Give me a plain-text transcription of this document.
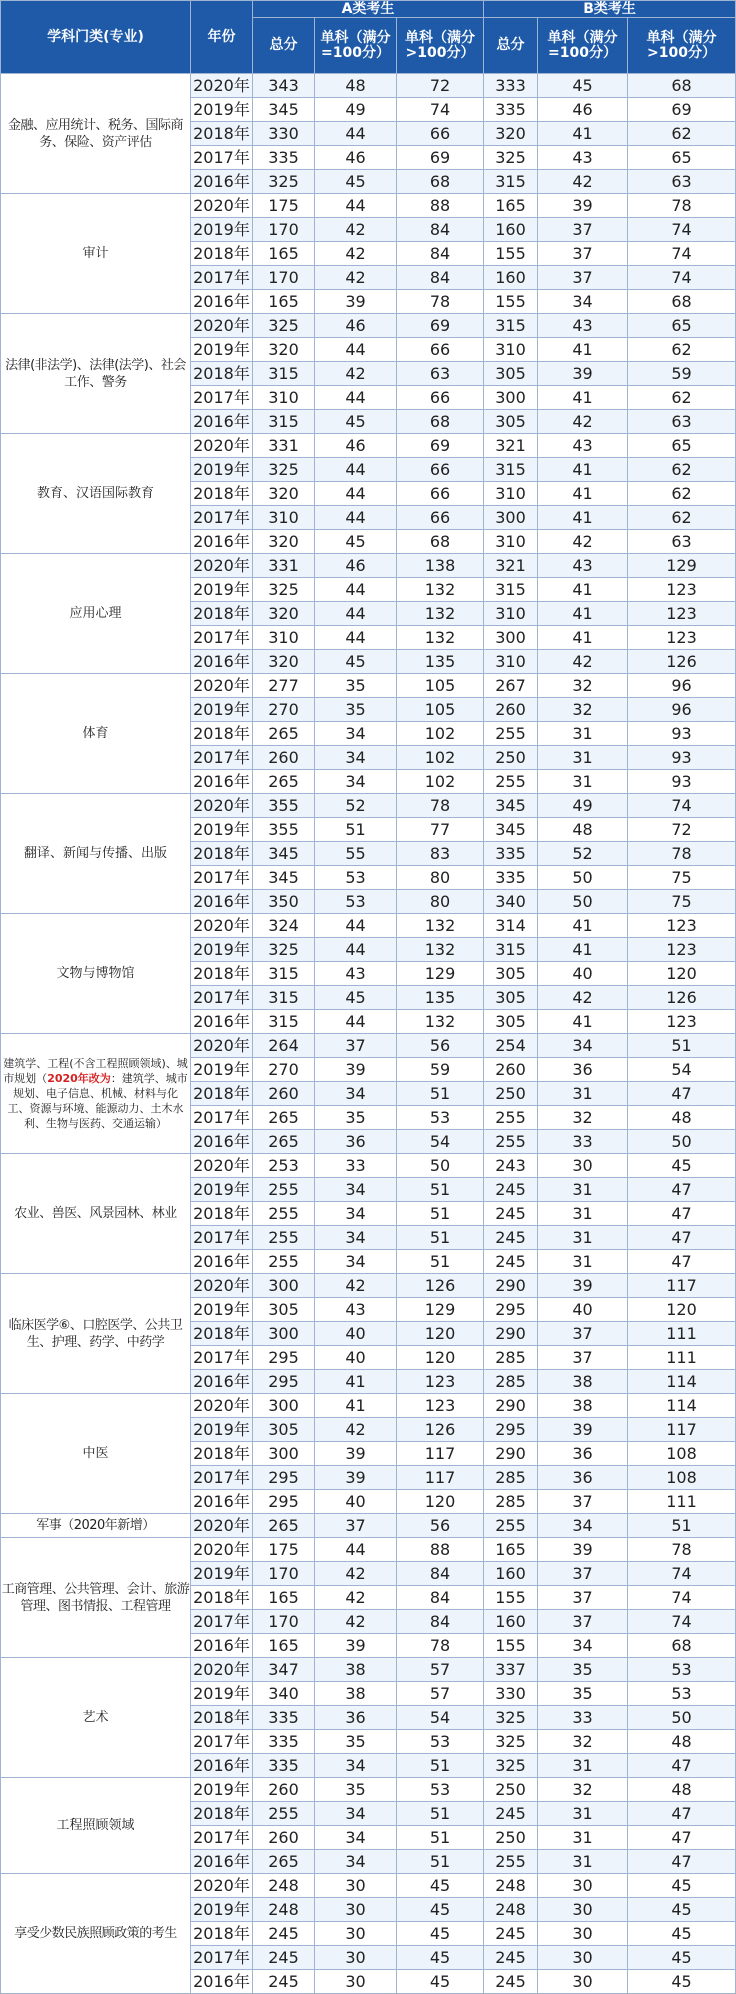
学科门类(专业)	年份	A类考生			B类考生		
		总分	单科（满分
=100分）	单科（满分
>100分）	总分	单科（满分
=100分）	单科（满分
>100分）
金融、应用统计、税务、国际商务、保险、资产评估	2020年	343	48	72	333	45	68
	2019年	345	49	74	335	46	69
	2018年	330	44	66	320	41	62
	2017年	335	46	69	325	43	65
	2016年	325	45	68	315	42	63
审计	2020年	175	44	88	165	39	78
	2019年	170	42	84	160	37	74
	2018年	165	42	84	155	37	74
	2017年	170	42	84	160	37	74
	2016年	165	39	78	155	34	68
法律(非法学)、法律(法学)、社会工作、警务	2020年	325	46	69	315	43	65
	2019年	320	44	66	310	41	62
	2018年	315	42	63	305	39	59
	2017年	310	44	66	300	41	62
	2016年	315	45	68	305	42	63
教育、汉语国际教育	2020年	331	46	69	321	43	65
	2019年	325	44	66	315	41	62
	2018年	320	44	66	310	41	62
	2017年	310	44	66	300	41	62
	2016年	320	45	68	310	42	63
应用心理	2020年	331	46	138	321	43	129
	2019年	325	44	132	315	41	123
	2018年	320	44	132	310	41	123
	2017年	310	44	132	300	41	123
	2016年	320	45	135	310	42	126
体育	2020年	277	35	105	267	32	96
	2019年	270	35	105	260	32	96
	2018年	265	34	102	255	31	93
	2017年	260	34	102	250	31	93
	2016年	265	34	102	255	31	93
翻译、新闻与传播、出版	2020年	355	52	78	345	49	74
	2019年	355	51	77	345	48	72
	2018年	345	55	83	335	52	78
	2017年	345	53	80	335	50	75
	2016年	350	53	80	340	50	75
文物与博物馆	2020年	324	44	132	314	41	123
	2019年	325	44	132	315	41	123
	2018年	315	43	129	305	40	120
	2017年	315	45	135	305	42	126
	2016年	315	44	132	305	41	123
建筑学、工程(不含工程照顾领域)、城市规划（2020年改为：建筑学、城市规划、电子信息、机械、材料与化工、资源与环境、能源动力、土木水利、生物与医药、交通运输）	2020年	264	37	56	254	34	51
	2019年	270	39	59	260	36	54
	2018年	260	34	51	250	31	47
	2017年	265	35	53	255	32	48
	2016年	265	36	54	255	33	50
农业、兽医、风景园林、林业	2020年	253	33	50	243	30	45
	2019年	255	34	51	245	31	47
	2018年	255	34	51	245	31	47
	2017年	255	34	51	245	31	47
	2016年	255	34	51	245	31	47
临床医学⑥、口腔医学、公共卫生、护理、药学、中药学	2020年	300	42	126	290	39	117
	2019年	305	43	129	295	40	120
	2018年	300	40	120	290	37	111
	2017年	295	40	120	285	37	111
	2016年	295	41	123	285	38	114
中医	2020年	300	41	123	290	38	114
	2019年	305	42	126	295	39	117
	2018年	300	39	117	290	36	108
	2017年	295	39	117	285	36	108
	2016年	295	40	120	285	37	111
军事（2020年新增）	2020年	265	37	56	255	34	51
工商管理、公共管理、会计、旅游管理、图书情报、工程管理	2020年	175	44	88	165	39	78
	2019年	170	42	84	160	37	74
	2018年	165	42	84	155	37	74
	2017年	170	42	84	160	37	74
	2016年	165	39	78	155	34	68
艺术	2020年	347	38	57	337	35	53
	2019年	340	38	57	330	35	53
	2018年	335	36	54	325	33	50
	2017年	335	35	53	325	32	48
	2016年	335	34	51	325	31	47
工程照顾领域	2019年	260	35	53	250	32	48
	2018年	255	34	51	245	31	47
	2017年	260	34	51	250	31	47
	2016年	265	34	51	255	31	47
享受少数民族照顾政策的考生	2020年	248	30	45	248	30	45
	2019年	248	30	45	248	30	45
	2018年	245	30	45	245	30	45
	2017年	245	30	45	245	30	45
	2016年	245	30	45	245	30	45
